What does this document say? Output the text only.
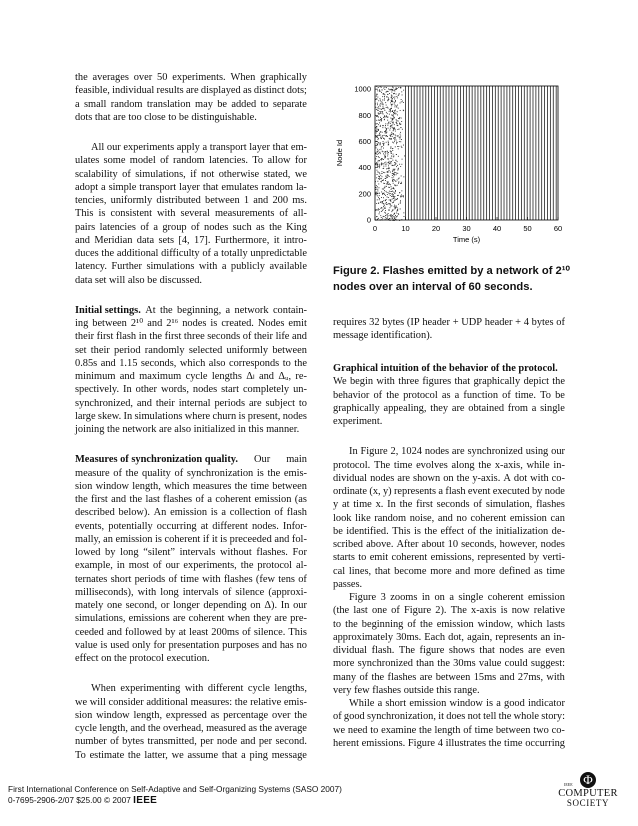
the averages over 50 experiments. When graphically
feasible, individual results are displayed as distinct dots;
a small random translation may be added to separate
dots that are too close to be distinguishable.
All our experiments apply a transport layer that em-
ulates some model of random latencies. To allow for
scalability of simulations, if not otherwise stated, we
adopt a simple transport layer that emulates random la-
tencies, uniformly distributed between 1 and 200 ms.
This is consistent with several measurements of all-
pairs latencies of a group of nodes such as the King
and Meridian data sets [4, 17]. Furthermore, it intro-
duces the additional difficulty of a totally unpredictable
latency. Further simulations with a publicly available
data set will also be discussed.
Initial settings. At the beginning, a network contain-
ing between 2¹⁰ and 2¹⁶ nodes is created. Nodes emit
their first flash in the first three seconds of their life and
set their period randomly selected uniformly between
0.85s and 1.15 seconds, which also corresponds to the
minimum and maximum cycle lengths Δₗ and Δᵤ, re-
spectively. In other words, nodes start completely un-
synchronized, and their internal periods are subject to
large skew. In simulations where churn is present, nodes
joining the network are also initialized in this manner.
Measures of synchronization quality. Our main
measure of the quality of synchronization is the emis-
sion window length, which measures the time between
the first and the last flashes of a coherent emission (as
described below). An emission is a collection of flash
events, potentially occurring at different nodes. Infor-
mally, an emission is coherent if it is preceeded and fol-
lowed by long “silent” intervals without flashes. For
example, in most of our experiments, the protocol al-
ternates short periods of time with flashes (few tens of
milliseconds), with long intervals of silence (approxi-
mately one second, or longer depending on Δ). In our
simulations, emissions are coherent when they are pre-
ceeded and followed by at least 200ms of silence. This
value is used only for presentation purposes and has no
effect on the protocol execution.
When experimenting with different cycle lengths,
we will consider additional measures: the relative emis-
sion window length, expressed as percentage over the
cycle length, and the overhead, measured as the average
number of bytes transmitted, per node and per second.
To estimate the latter, we assume that a ping message
requires 32 bytes (IP header + UDP header + 4 bytes of
message identification).
Graphical intuition of the behavior of the protocol.
We begin with three figures that graphically depict the
behavior of the protocol as a function of time. To be
graphically appealing, they are obtained from a single
experiment.
In Figure 2, 1024 nodes are synchronized using our
protocol. The time evolves along the x-axis, while in-
dividual nodes are shown on the y-axis. A dot with co-
ordinate (x, y) represents a flash event executed by node
y at time x. In the first seconds of simulation, flashes
look like random noise, and no coherent emission can
be identified. This is the effect of the initialization de-
scribed above. After about 10 seconds, however, nodes
starts to emit coherent emissions, represented by verti-
cal lines, that become more and more defined as time
passes.
Figure 3 zooms in on a single coherent emission
(the last one of Figure 2). The x-axis is now relative
to the beginning of the emission window, which lasts
approximately 30ms. Each dot, again, represents an in-
dividual flash. The figure shows that nodes are even
more synchronized than the 30ms value could suggest:
many of the flashes are between 15ms and 27ms, with
very few flashes outside this range.
While a short emission window is a good indicator
of good synchronization, it does not tell the whole story:
we need to examine the length of time between two co-
herent emissions. Figure 4 illustrates the time occurring
0	10	20	30	40	50	60
0
200
400
600
800
1000
Time (s)
Node Id
Figure 2. Flashes emitted by a network of 2¹⁰
nodes over an interval of 60 seconds.
First International Conference on Self-Adaptive and Self-Organizing Systems (SASO 2007)
0-7695-2906-2/07 $25.00 © 2007 IEEE
Φ
IEEE
COMPUTER
SOCIETY
